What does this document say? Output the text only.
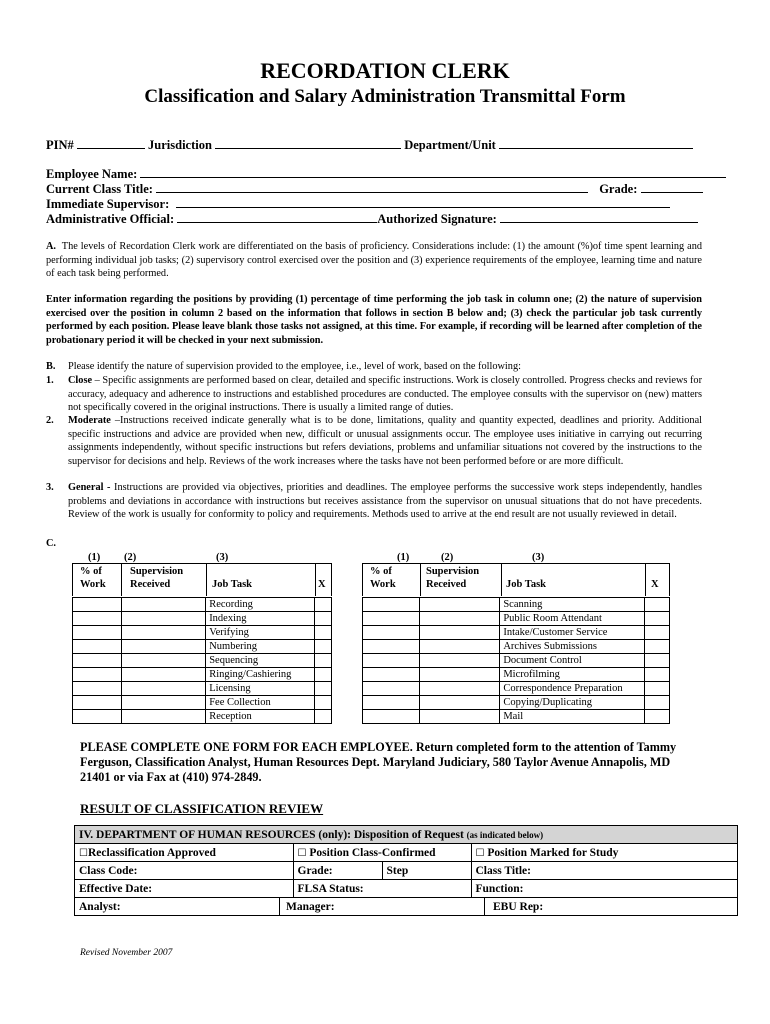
RECORDATION CLERK
Classification and Salary Administration Transmittal Form
PIN#	Jurisdiction	Department/Unit
Employee Name:
Current Class Title:	Grade:
Immediate Supervisor:
Administrative Official:	Authorized Signature:
A. The levels of Recordation Clerk work are differentiated on the basis of proficiency. Considerations include: (1) the amount (%)of time spent learning and performing individual job tasks; (2) supervisory control exercised over the position and (3) experience requirements of the employee, learning time and nature of each task being performed.
Enter information regarding the positions by providing (1) percentage of time performing the job task in column one; (2) the nature of supervision exercised over the position in column 2 based on the information that follows in section B below and; (3) check the particular job task currently performed by each position. Please leave blank those tasks not assigned, at this time. For example, if recording will be learned after completion of the probationary period it will be checked in your next submission.
B. Please identify the nature of supervision provided to the employee, i.e., level of work, based on the following:
1. Close – Specific assignments are performed based on clear, detailed and specific instructions. Work is closely controlled. Progress checks and reviews for accuracy, adequacy and adherence to instructions and established procedures are conducted. The employee consults with the supervisor on (new) matters not specifically covered in the original instructions. There is usually a limited range of duties.
2. Moderate –Instructions received indicate generally what is to be done, limitations, quality and quantity expected, deadlines and priority. Additional specific instructions and advice are provided when new, difficult or unusual assignments occur. The employee uses initiative in carrying out recurring assignments independently, without specific instructions but refers deviations, problems and unfamiliar situations not covered by the instructions to the supervisor for decisions and help. Reviews of the work increases where the tasks have not been performed before or are more difficult.
3. General - Instructions are provided via objectives, priorities and deadlines. The employee performs the successive work steps independently, handles problems and deviations in accordance with instructions but receives assistance from the supervisor on unusual situations that do not have precedents. Review of the work is usually for conformity to policy and requirements. Methods used to arrive at the end result are not usually reviewed in detail.
C.
(1) (2)	(3)
% of
Work
Supervision
Received	Job Task	X
(1)	(2)	(3)
% of
Work
Supervision
Received	Job Task	X
		Recording	
		Indexing	
		Verifying	
		Numbering	
		Sequencing	
		Ringing/Cashiering	
		Licensing	
		Fee Collection	
		Reception	
		Scanning	
		Public Room Attendant	
		Intake/Customer Service	
		Archives Submissions	
		Document Control	
		Microfilming	
		Correspondence Preparation	
		Copying/Duplicating	
		Mail	
PLEASE COMPLETE ONE FORM FOR EACH EMPLOYEE. Return completed form to the attention of Tammy Ferguson, Classification Analyst, Human Resources Dept. Maryland Judiciary, 580 Taylor Avenue Annapolis, MD 21401 or via Fax at (410) 974-2849.
RESULT OF CLASSIFICATION REVIEW
IV. DEPARTMENT OF HUMAN RESOURCES (only): Disposition of Request (as indicated below)					
☐Reclassification Approved		☐ Position Class-Confirmed		☐ Position Marked for Study	
Class Code:		Grade:	Step	Class Title:	
Effective Date:		FLSA Status:		Function:	
Analyst:	Manager:				EBU Rep:
Revised November 2007
